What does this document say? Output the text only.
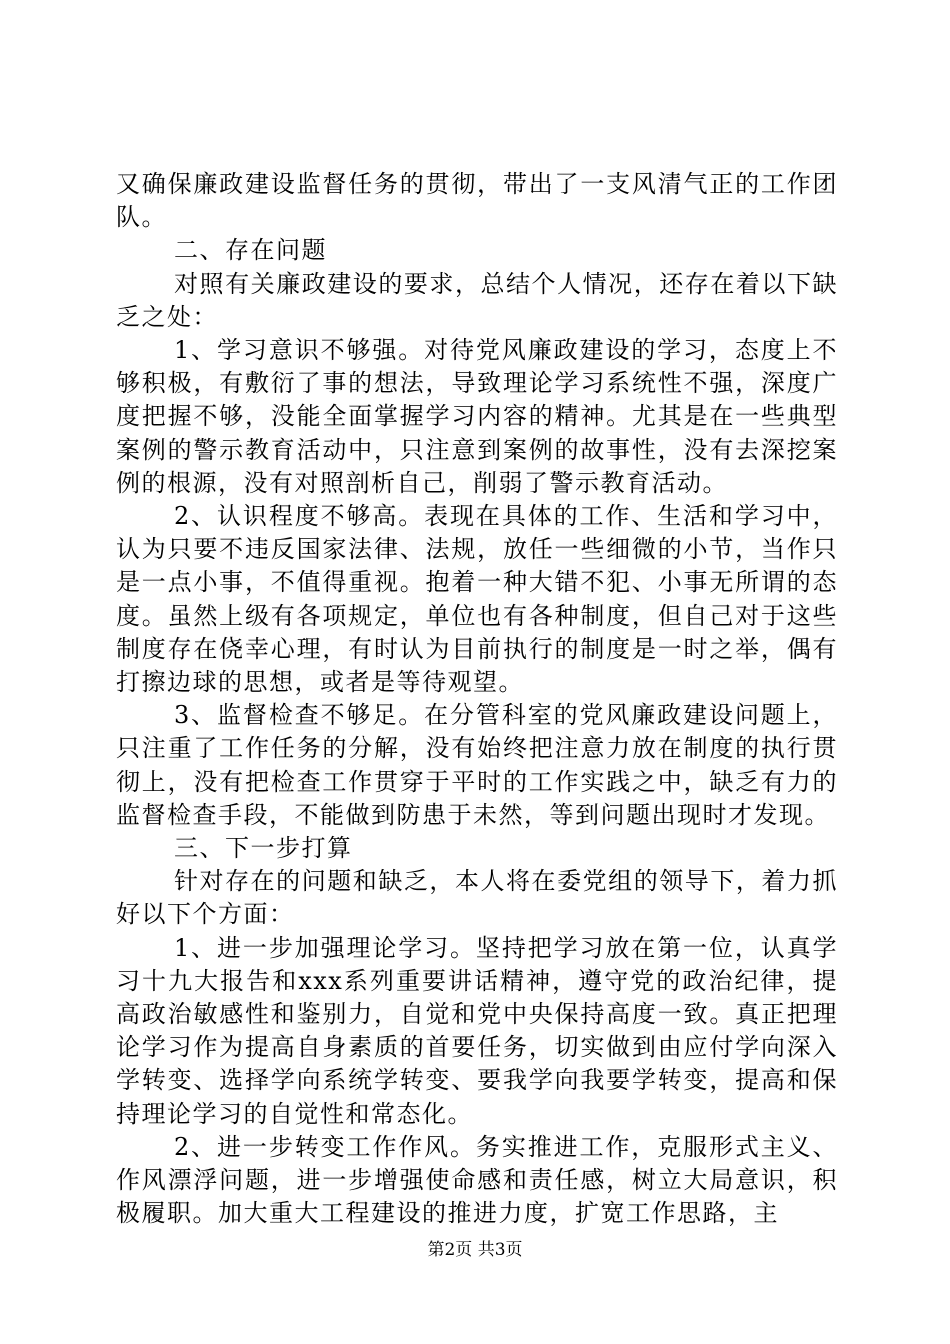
又确保廉政建设监督任务的贯彻，带出了一支风清气正的工作团队。

二、存在问题

对照有关廉政建设的要求，总结个人情况，还存在着以下缺乏之处：

1、学习意识不够强。对待党风廉政建设的学习，态度上不够积极，有敷衍了事的想法，导致理论学习系统性不强，深度广度把握不够，没能全面掌握学习内容的精神。尤其是在一些典型案例的警示教育活动中，只注意到案例的故事性，没有去深挖案例的根源，没有对照剖析自己，削弱了警示教育活动。

2、认识程度不够高。表现在具体的工作、生活和学习中，认为只要不违反国家法律、法规，放任一些细微的小节，当作只是一点小事，不值得重视。抱着一种大错不犯、小事无所谓的态度。虽然上级有各项规定，单位也有各种制度，但自己对于这些制度存在侥幸心理，有时认为目前执行的制度是一时之举，偶有打擦边球的思想，或者是等待观望。

3、监督检查不够足。在分管科室的党风廉政建设问题上，只注重了工作任务的分解，没有始终把注意力放在制度的执行贯彻上，没有把检查工作贯穿于平时的工作实践之中，缺乏有力的监督检查手段，不能做到防患于未然，等到问题出现时才发现。

三、下一步打算

针对存在的问题和缺乏，本人将在委党组的领导下，着力抓好以下个方面：

1、进一步加强理论学习。坚持把学习放在第一位，认真学习十九大报告和xxx系列重要讲话精神，遵守党的政治纪律，提高政治敏感性和鉴别力，自觉和党中央保持高度一致。真正把理论学习作为提高自身素质的首要任务，切实做到由应付学向深入学转变、选择学向系统学转变、要我学向我要学转变，提高和保持理论学习的自觉性和常态化。

2、进一步转变工作作风。务实推进工作，克服形式主义、作风漂浮问题，进一步增强使命感和责任感，树立大局意识，积极履职。加大重大工程建设的推进力度，扩宽工作思路，主

第2页 共3页
